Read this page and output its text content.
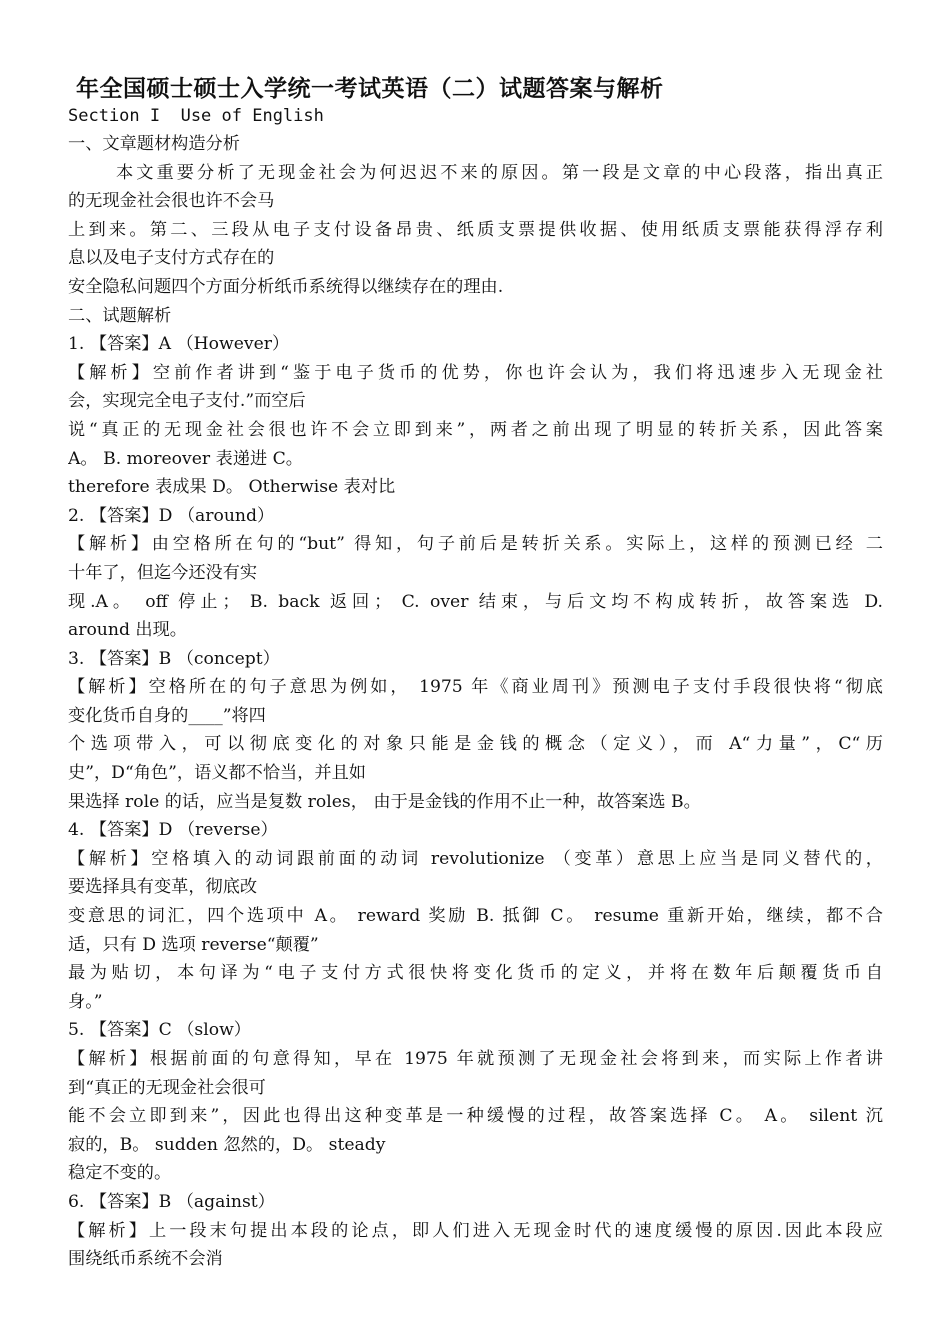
年全国硕士硕士入学统一考试英语（二）试题答案与解析
Section I  Use of English
一、文章题材构造分析
本文重要分析了无现金社会为何迟迟不来的原因。第一段是文章的中心段落，指出真正
的无现金社会很也许不会马
上到来。第二、三段从电子支付设备昂贵、纸质支票提供收据、使用纸质支票能获得浮存利
息以及电子支付方式存在的
安全隐私问题四个方面分析纸币系统得以继续存在的理由.
二、试题解析
1. 【答案】A （However）
【解析】空前作者讲到“鉴于电子货币的优势，你也许会认为，我们将迅速步入无现金社
会，实现完全电子支付.”而空后
说“真正的无现金社会很也许不会立即到来”，两者之前出现了明显的转折关系，因此答案
A。 B. moreover 表递进 C。
therefore 表成果 D。 Otherwise 表对比
2. 【答案】D （around）
【解析】由空格所在句的“but” 得知，句子前后是转折关系。实际上，这样的预测已经 二
十年了，但迄今还没有实
现.A。 off 停止； B. back 返回； C. over 结束，与后文均不构成转折，故答案选 D.
around 出现。
3. 【答案】B （concept）
【解析】空格所在的句子意思为例如， 1975 年《商业周刊》预测电子支付手段很快将“彻底
变化货币自身的____”将四
个选项带入，可以彻底变化的对象只能是金钱的概念（定义），而 A“力量”，C“历
史”，D“角色”，语义都不恰当，并且如
果选择 role 的话，应当是复数 roles， 由于是金钱的作用不止一种，故答案选 B。
4. 【答案】D （reverse）
【解析】空格填入的动词跟前面的动词 revolutionize （变革）意思上应当是同义替代的，
要选择具有变革，彻底改
变意思的词汇，四个选项中 A。 reward 奖励 B. 抵御 C。 resume 重新开始，继续，都不合
适，只有 D 选项 reverse“颠覆”
最为贴切，本句译为“电子支付方式很快将变化货币的定义，并将在数年后颠覆货币自
身。”
5. 【答案】C （slow）
【解析】根据前面的句意得知，早在 1975 年就预测了无现金社会将到来，而实际上作者讲
到“真正的无现金社会很可
能不会立即到来”，因此也得出这种变革是一种缓慢的过程，故答案选择 C。 A。 silent 沉
寂的，B。 sudden 忽然的，D。 steady
稳定不变的。
6. 【答案】B （against）
【解析】上一段末句提出本段的论点，即人们进入无现金时代的速度缓慢的原因.因此本段应
围绕纸币系统不会消
